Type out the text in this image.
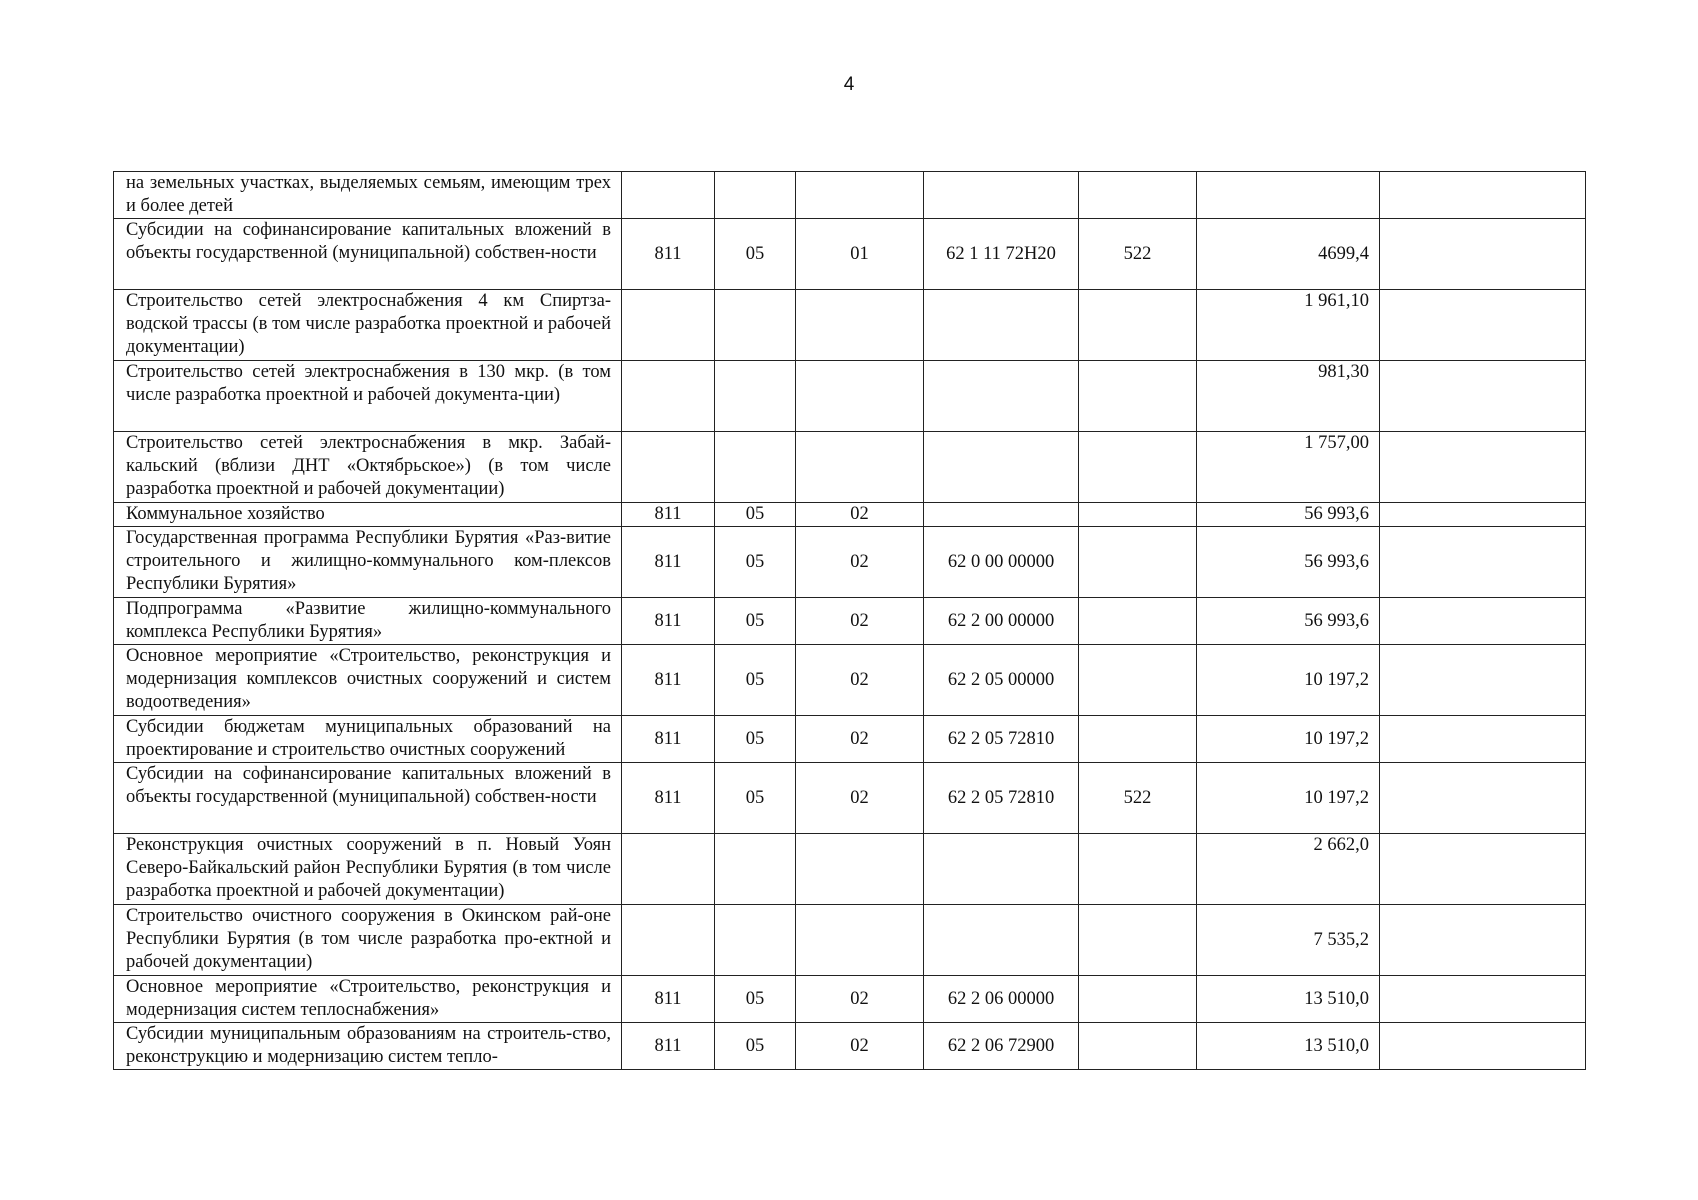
4
на земельных участках, выделяемых семьям, имеющим трех и более детей							
Субсидии на софинансирование капитальных вложений в объекты государственной (муниципальной) собствен-ности	811	05	01	62 1 11 72H20	522	4699,4	
Строительство сетей электроснабжения 4 км Спиртза-водской трассы (в том числе разработка проектной и рабочей документации)						1 961,10	
Строительство сетей электроснабжения в 130 мкр. (в том числе разработка проектной и рабочей документа-ции)						981,30	
Строительство сетей электроснабжения в мкр. Забай-кальский (вблизи ДНТ «Октябрьское») (в том числе разработка проектной и рабочей документации)						1 757,00	
Коммунальное хозяйство	811	05	02			56 993,6	
Государственная программа Республики Бурятия «Раз-витие строительного и жилищно-коммунального ком-плексов Республики Бурятия»	811	05	02	62 0 00 00000		56 993,6	
Подпрограмма «Развитие жилищно-коммунального комплекса Республики Бурятия»	811	05	02	62 2 00 00000		56 993,6	
Основное мероприятие «Строительство, реконструкция и модернизация комплексов очистных сооружений и систем водоотведения»	811	05	02	62 2 05 00000		10 197,2	
Субсидии бюджетам муниципальных образований на проектирование и строительство очистных сооружений	811	05	02	62 2 05 72810		10 197,2	
Субсидии на софинансирование капитальных вложений в объекты государственной (муниципальной) собствен-ности	811	05	02	62 2 05 72810	522	10 197,2	
Реконструкция очистных сооружений в п. Новый Уоян Северо-Байкальский район Республики Бурятия (в том числе разработка проектной и рабочей документации)						2 662,0	
Строительство очистного сооружения в Окинском рай-оне Республики Бурятия (в том числе разработка про-ектной и рабочей документации)						7 535,2	
Основное мероприятие «Строительство, реконструкция и модернизация систем теплоснабжения»	811	05	02	62 2 06 00000		13 510,0	
Субсидии муниципальным образованиям на строитель-ство, реконструкцию и модернизацию систем тепло-	811	05	02	62 2 06 72900		13 510,0	
